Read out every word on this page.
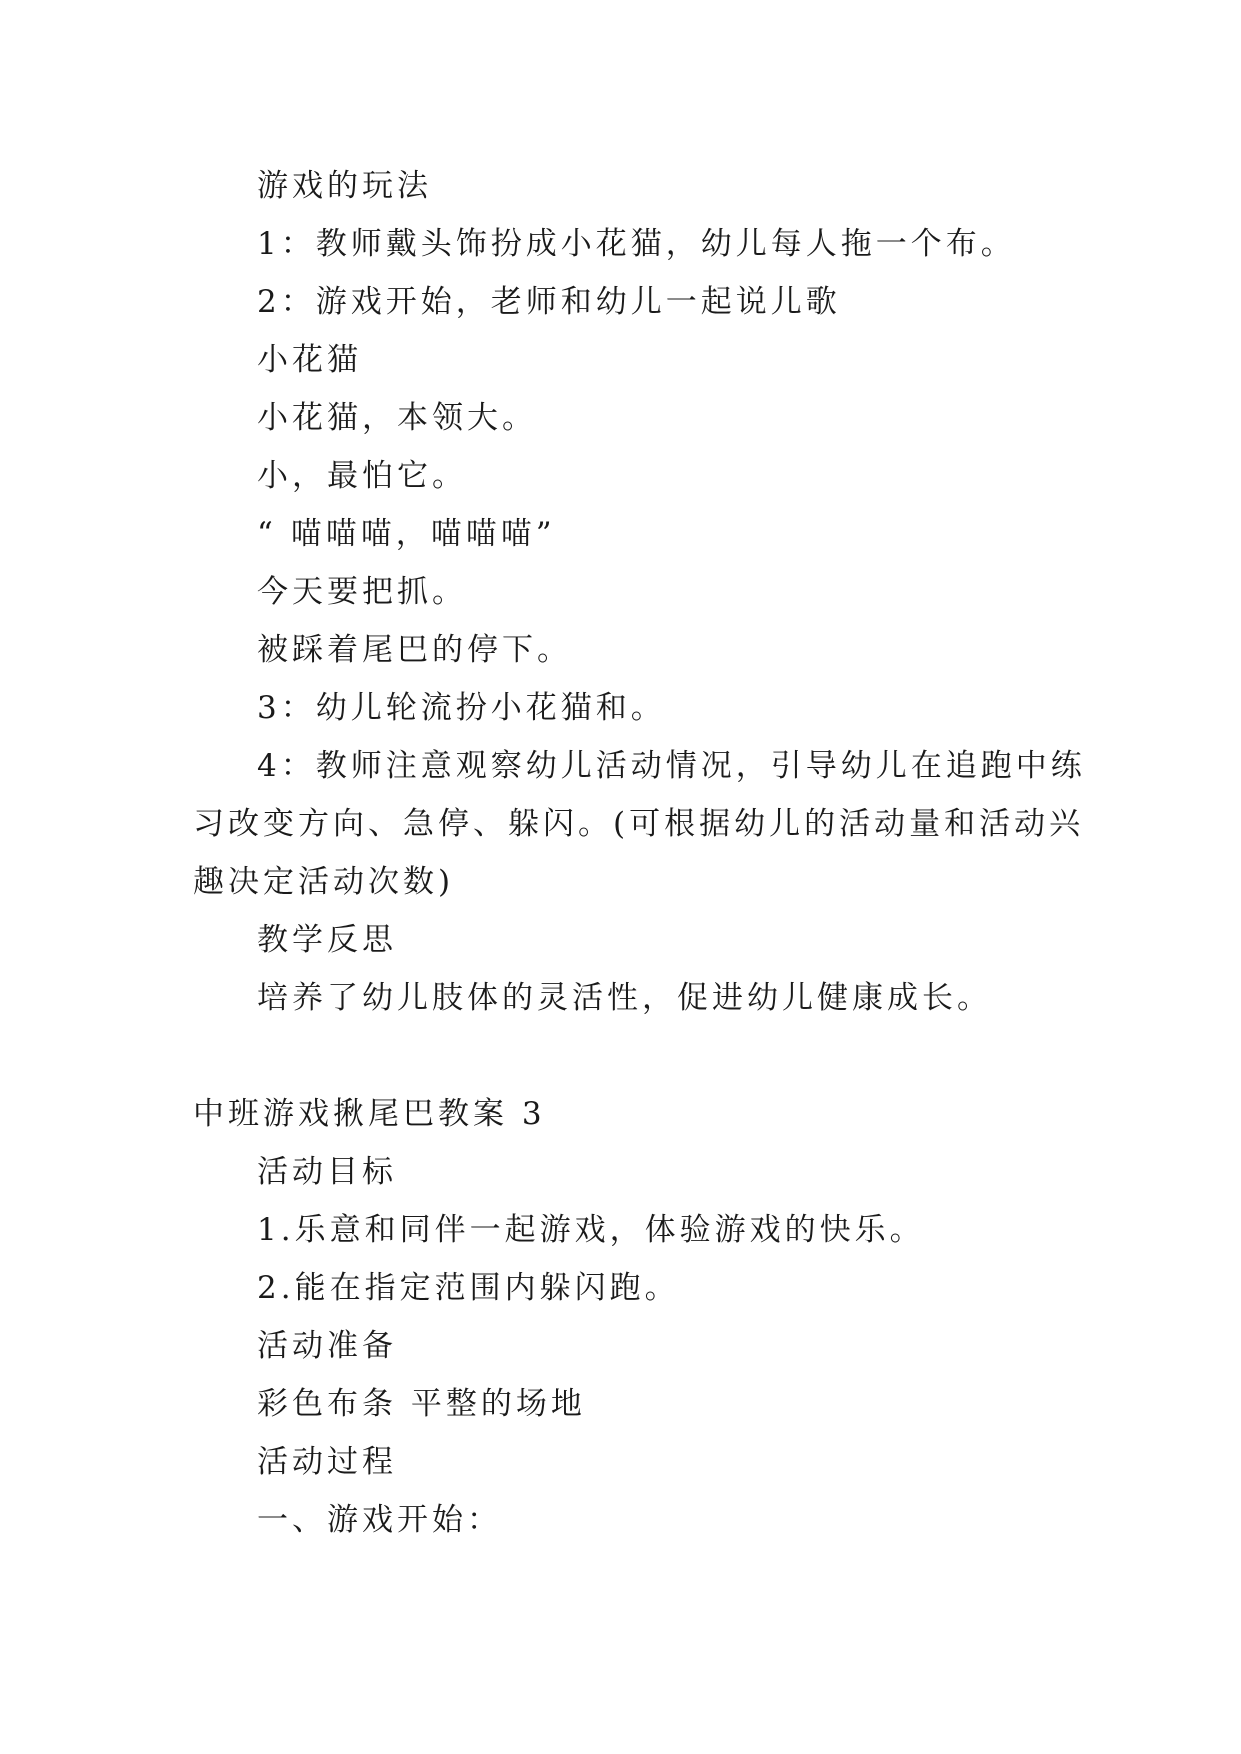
游戏的玩法
1：教师戴头饰扮成小花猫，幼儿每人拖一个布。
2：游戏开始，老师和幼儿一起说儿歌
小花猫
小花猫，本领大。
小，最怕它。
“ 喵喵喵，喵喵喵”
今天要把抓。
被踩着尾巴的停下。
3：幼儿轮流扮小花猫和。
4：教师注意观察幼儿活动情况，引导幼儿在追跑中练
习改变方向、急停、躲闪。(可根据幼儿的活动量和活动兴
趣决定活动次数)
教学反思
培养了幼儿肢体的灵活性，促进幼儿健康成长。
中班游戏揪尾巴教案 3
活动目标
1.乐意和同伴一起游戏，体验游戏的快乐。
2.能在指定范围内躲闪跑。
活动准备
彩色布条 平整的场地
活动过程
一、游戏开始：
